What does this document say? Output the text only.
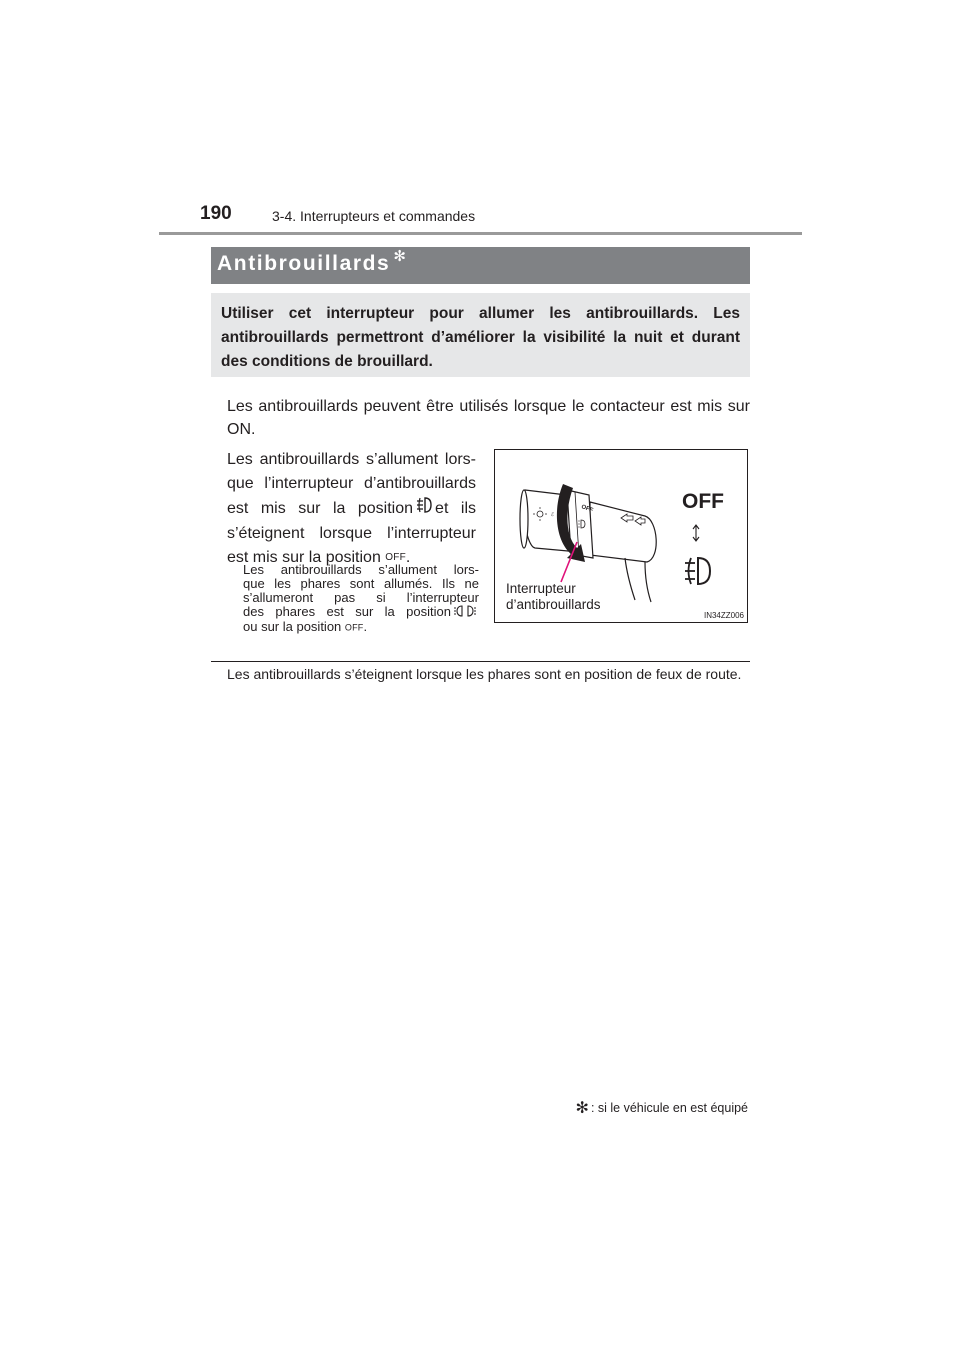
190	3-4. Interrupteurs et commandes
Antibrouillards ✻
Utiliser cet interrupteur pour allumer les antibrouillards. Les antibrouillards permettront d’améliorer la visibilité la nuit et durant des conditions de brouillard.
Les antibrouillards peuvent être utilisés lorsque le contacteur est mis sur ON.
Les antibrouillards s’allument lors-
que l’interrupteur d’antibrouillards
est mis sur la position et ils
s’éteignent lorsque l’interrupteur
est mis sur la position OFF.
Les antibrouillards s’allument lors-
que les phares sont allumés. Ils ne
s’allumeront pas si l’interrupteur
des phares est sur la position
ou sur la position OFF.
ℰ
OFF	OFF
Interrupteur
d’antibrouillards
IN34ZZ006
Les antibrouillards s’éteignent lorsque les phares sont en position de feux de route.
✻ : si le véhicule en est équipé
